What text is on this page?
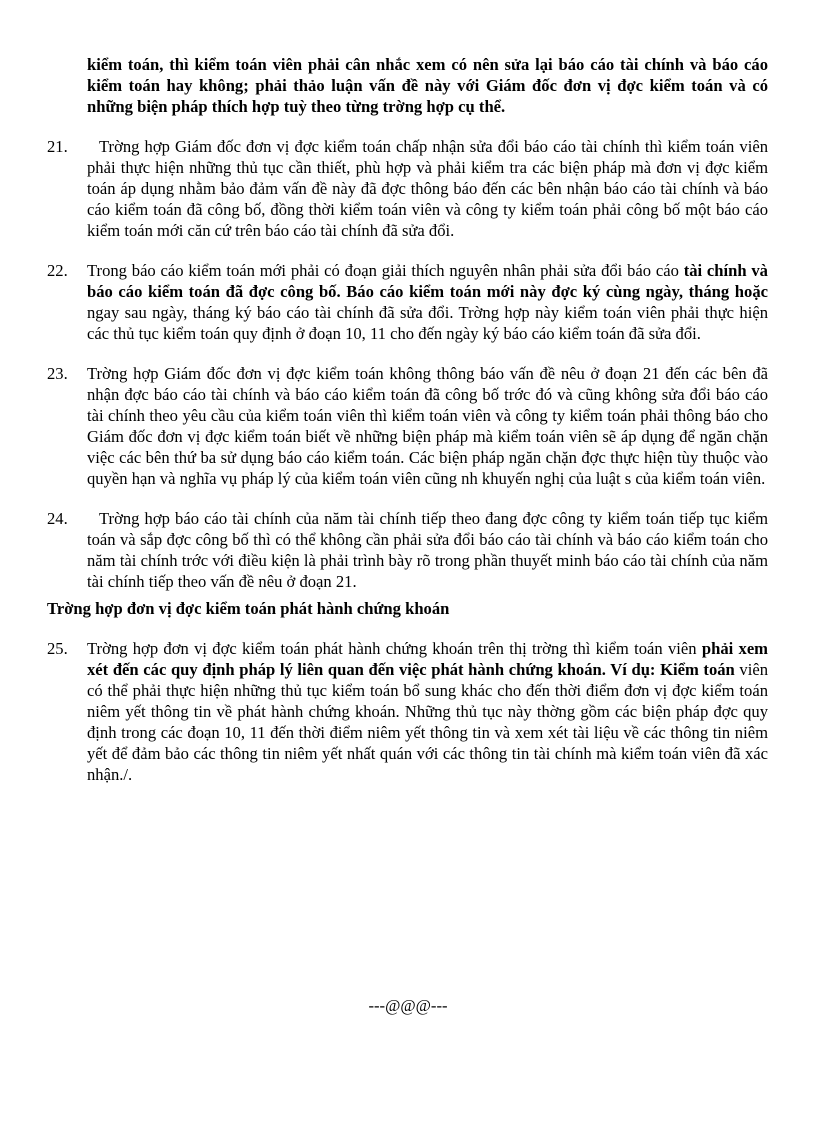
kiểm toán, thì kiểm toán viên phải cân nhắc xem có nên sửa lại báo cáo tài chính và báo cáo kiểm toán hay không; phải thảo luận vấn đề này với Giám đốc đơn vị đợc kiểm toán và có những biện pháp thích hợp tuỳ theo từng trờng hợp cụ thể.
21.	Trờng hợp Giám đốc đơn vị đợc kiểm toán chấp nhận sửa đổi báo cáo tài chính thì kiểm toán viên phải thực hiện những thủ tục cần thiết, phù hợp và phải kiểm tra các biện pháp mà đơn vị đợc kiểm toán áp dụng nhằm bảo đảm vấn đề này đã đợc thông báo đến các bên nhận báo cáo tài chính và báo cáo kiểm toán đã công bố, đồng thời kiểm toán viên và công ty kiểm toán phải công bố một báo cáo kiểm toán mới căn cứ trên báo cáo tài chính đã sửa đổi.
22.	Trong báo cáo kiểm toán mới phải có đoạn giải thích nguyên nhân phải sửa đổi báo cáo tài chính và báo cáo kiểm toán đã đợc công bố. Báo cáo kiểm toán mới này đợc ký cùng ngày, tháng hoặc ngay sau ngày, tháng ký báo cáo tài chính đã sửa đổi. Trờng hợp này kiểm toán viên phải thực hiện các thủ tục kiểm toán quy định ở đoạn 10, 11 cho đến ngày ký báo cáo kiểm toán đã sửa đổi.
23.	Trờng hợp Giám đốc đơn vị đợc kiểm toán không thông báo vấn đề nêu ở đoạn 21 đến các bên đã nhận đợc báo cáo tài chính và báo cáo kiểm toán đã công bố trớc đó và cũng không sửa đổi báo cáo tài chính theo yêu cầu của kiểm toán viên thì kiểm toán viên và công ty kiểm toán phải thông báo cho Giám đốc đơn vị đợc kiểm toán biết về những biện pháp mà kiểm toán viên sẽ áp dụng để ngăn chặn việc các bên thứ ba sử dụng báo cáo kiểm toán. Các biện pháp ngăn chặn đợc thực hiện tùy thuộc vào quyền hạn và nghĩa vụ pháp lý của kiểm toán viên cũng nh khuyến nghị của luật s của kiểm toán viên.
24.	Trờng hợp báo cáo tài chính của năm tài chính tiếp theo đang đợc công ty kiểm toán tiếp tục kiểm toán và sắp đợc công bố thì có thể không cần phải sửa đổi báo cáo tài chính và báo cáo kiểm toán cho năm tài chính trớc với điều kiện là phải trình bày rõ trong phần thuyết minh báo cáo tài chính của năm tài chính tiếp theo vấn đề nêu ở đoạn 21.
Trờng hợp đơn vị đợc kiểm toán phát hành chứng khoán
25.	Trờng hợp đơn vị đợc kiểm toán phát hành chứng khoán trên thị trờng thì kiểm toán viên phải xem xét đến các quy định pháp lý liên quan đến việc phát hành chứng khoán. Ví dụ: Kiểm toán viên có thể phải thực hiện những thủ tục kiểm toán bổ sung khác cho đến thời điểm đơn vị đợc kiểm toán niêm yết thông tin về phát hành chứng khoán. Những thủ tục này thờng gồm các biện pháp đợc quy định trong các đoạn 10, 11 đến thời điểm niêm yết thông tin và xem xét tài liệu về các thông tin niêm yết để đảm bảo các thông tin niêm yết nhất quán với các thông tin tài chính mà kiểm toán viên đã xác nhận./.
---@@@---
